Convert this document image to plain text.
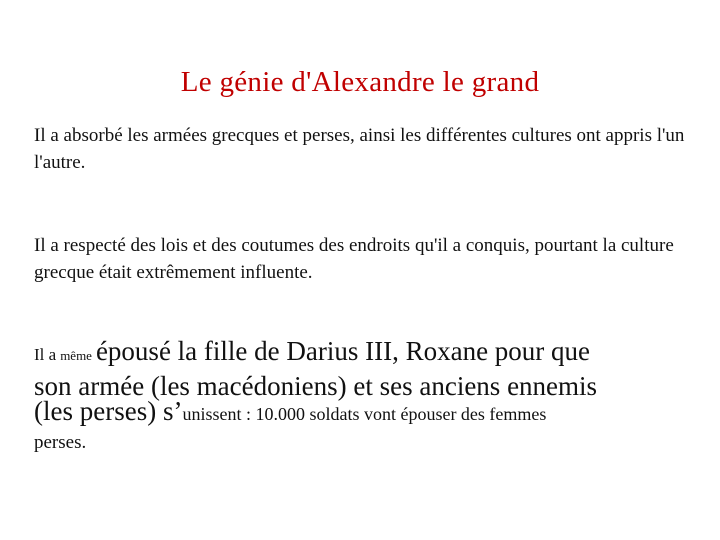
Le génie d'Alexandre le grand
Il a absorbé les armées grecques et perses, ainsi les différentes cultures ont appris l'un l'autre.
Il a respecté des lois et des coutumes des endroits qu'il a conquis, pourtant la culture grecque était extrêmement influente.
Il a même épousé la fille de Darius III, Roxane pour que
son armée (les macédoniens) et ses anciens ennemis
(les perses) s’unissent : 10.000 soldats vont épouser des femmes
perses.
